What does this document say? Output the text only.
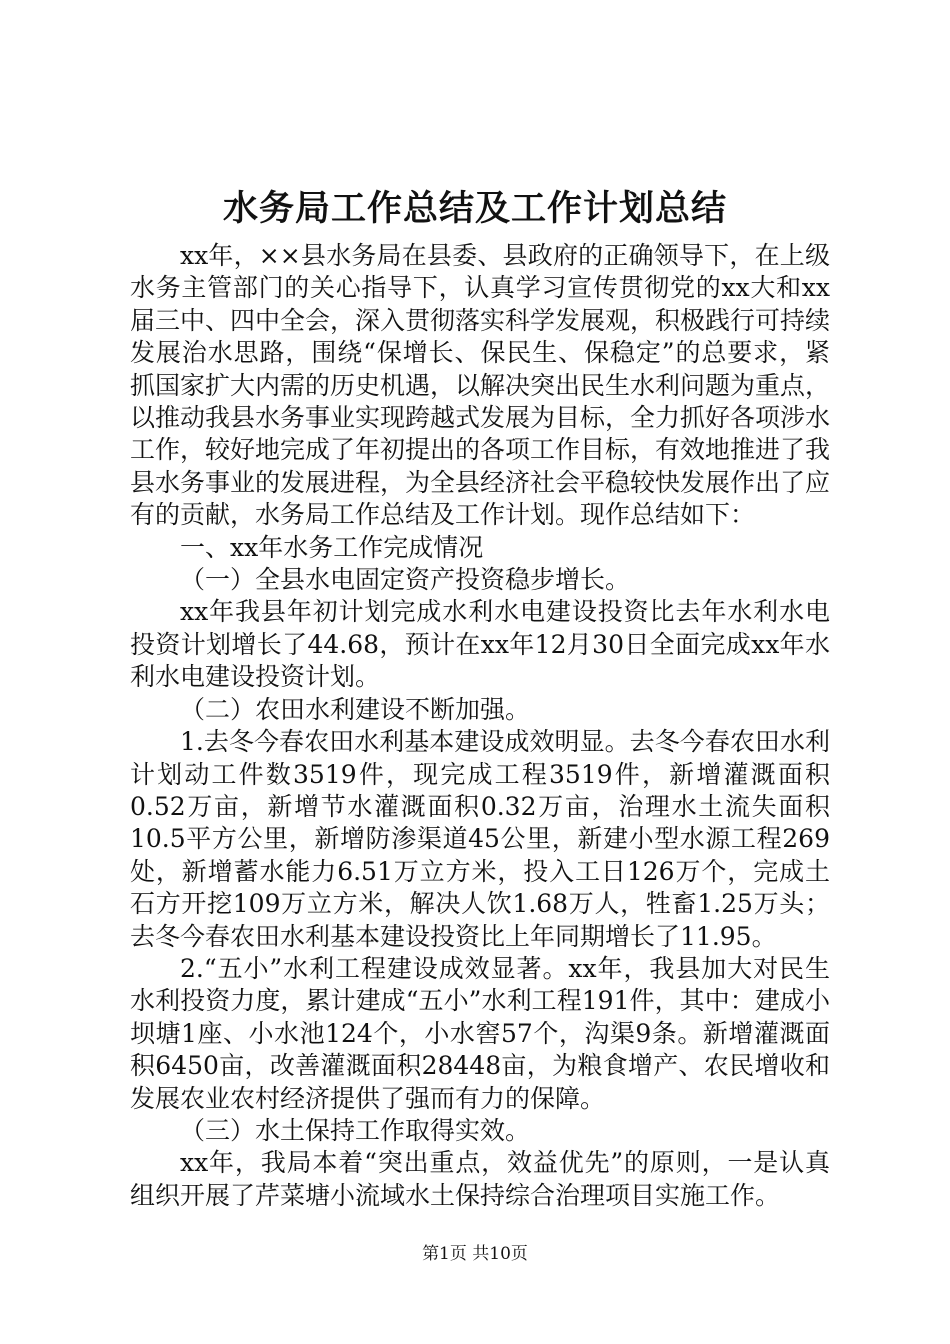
水务局工作总结及工作计划总结

xx年，××县水务局在县委、县政府的正确领导下，在上级水务主管部门的关心指导下，认真学习宣传贯彻党的xx大和xx届三中、四中全会，深入贯彻落实科学发展观，积极践行可持续发展治水思路，围绕“保增长、保民生、保稳定”的总要求，紧抓国家扩大内需的历史机遇，以解决突出民生水利问题为重点，以推动我县水务事业实现跨越式发展为目标，全力抓好各项涉水工作，较好地完成了年初提出的各项工作目标，有效地推进了我县水务事业的发展进程，为全县经济社会平稳较快发展作出了应有的贡献，水务局工作总结及工作计划。现作总结如下：

一、xx年水务工作完成情况

（一）全县水电固定资产投资稳步增长。

xx年我县年初计划完成水利水电建设投资比去年水利水电投资计划增长了44.68，预计在xx年12月30日全面完成xx年水利水电建设投资计划。

（二）农田水利建设不断加强。

1.去冬今春农田水利基本建设成效明显。去冬今春农田水利计划动工件数3519件，现完成工程3519件，新增灌溉面积0.52万亩，新增节水灌溉面积0.32万亩，治理水土流失面积10.5平方公里，新增防渗渠道45公里，新建小型水源工程269处，新增蓄水能力6.51万立方米，投入工日126万个，完成土石方开挖109万立方米，解决人饮1.68万人，牲畜1.25万头；去冬今春农田水利基本建设投资比上年同期增长了11.95。

2.“五小”水利工程建设成效显著。xx年，我县加大对民生水利投资力度，累计建成“五小”水利工程191件，其中：建成小坝塘1座、小水池124个，小水窖57个，沟渠9条。新增灌溉面积6450亩，改善灌溉面积28448亩，为粮食增产、农民增收和发展农业农村经济提供了强而有力的保障。

（三）水土保持工作取得实效。

xx年，我局本着“突出重点，效益优先”的原则，一是认真组织开展了芹菜塘小流域水土保持综合治理项目实施工作。

第1页 共10页
